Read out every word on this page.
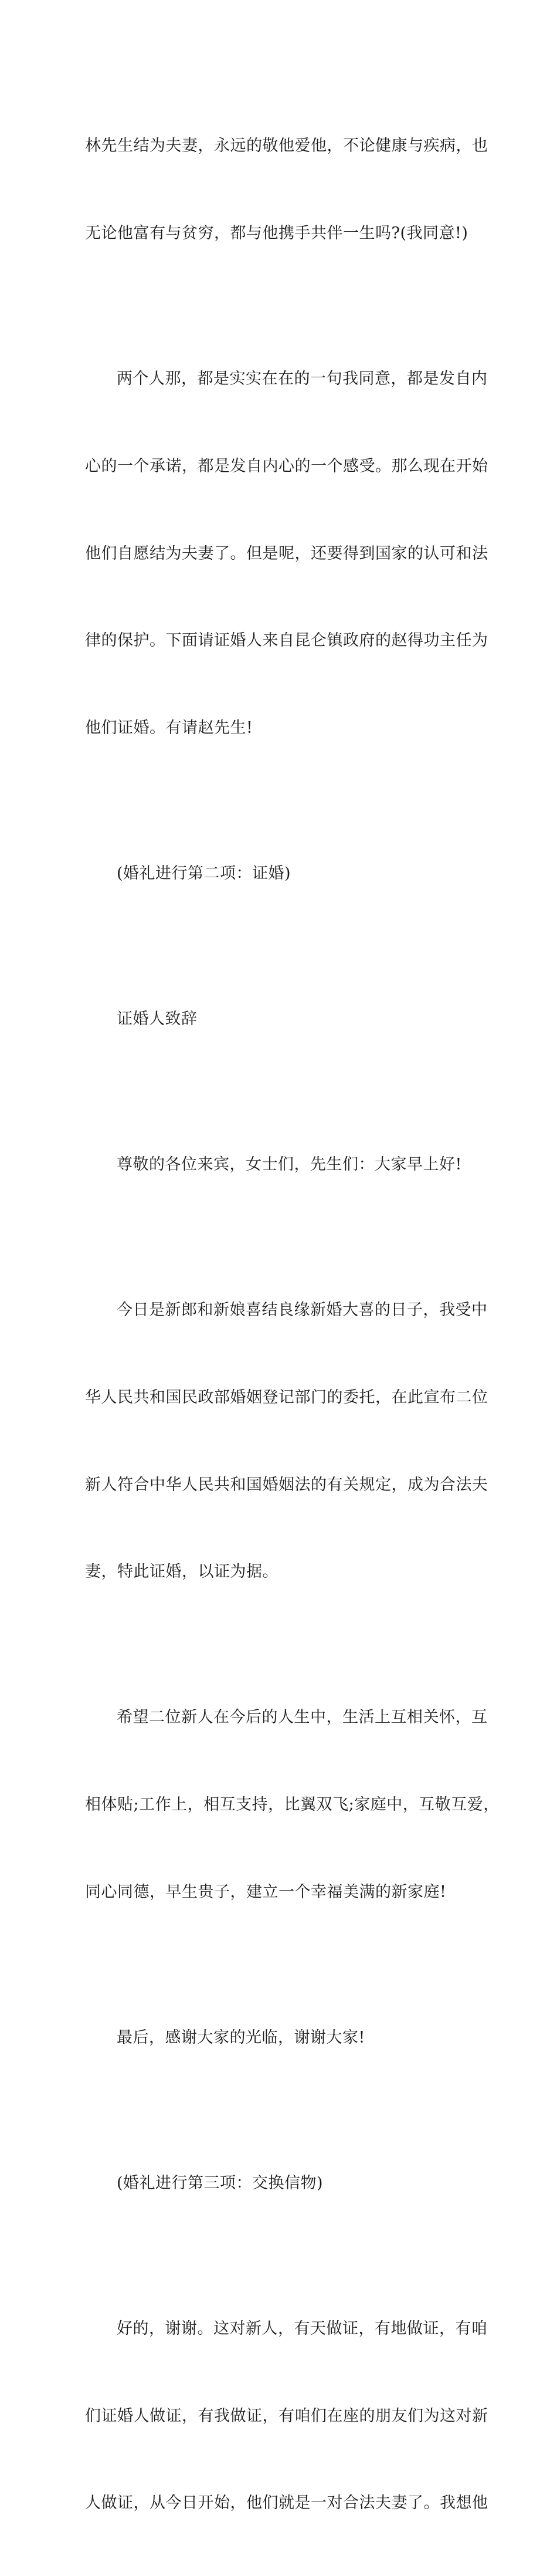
林先生结为夫妻，永远的敬他爱他，不论健康与疾病，也

无论他富有与贫穷，都与他携手共伴一生吗?(我同意!)

两个人那，都是实实在在的一句我同意，都是发自内

心的一个承诺，都是发自内心的一个感受。那么现在开始

他们自愿结为夫妻了。但是呢，还要得到国家的认可和法

律的保护。下面请证婚人来自昆仑镇政府的赵得功主任为

他们证婚。有请赵先生!

(婚礼进行第二项：证婚)

证婚人致辞

尊敬的各位来宾，女士们，先生们：大家早上好!

今日是新郎和新娘喜结良缘新婚大喜的日子，我受中

华人民共和国民政部婚姻登记部门的委托，在此宣布二位

新人符合中华人民共和国婚姻法的有关规定，成为合法夫

妻，特此证婚，以证为据。

希望二位新人在今后的人生中，生活上互相关怀，互

相体贴;工作上，相互支持，比翼双飞;家庭中，互敬互爱，

同心同德，早生贵子，建立一个幸福美满的新家庭!

最后，感谢大家的光临，谢谢大家!

(婚礼进行第三项：交换信物)

好的，谢谢。这对新人，有天做证，有地做证，有咱

们证婚人做证，有我做证，有咱们在座的朋友们为这对新

人做证，从今日开始，他们就是一对合法夫妻了。我想他
